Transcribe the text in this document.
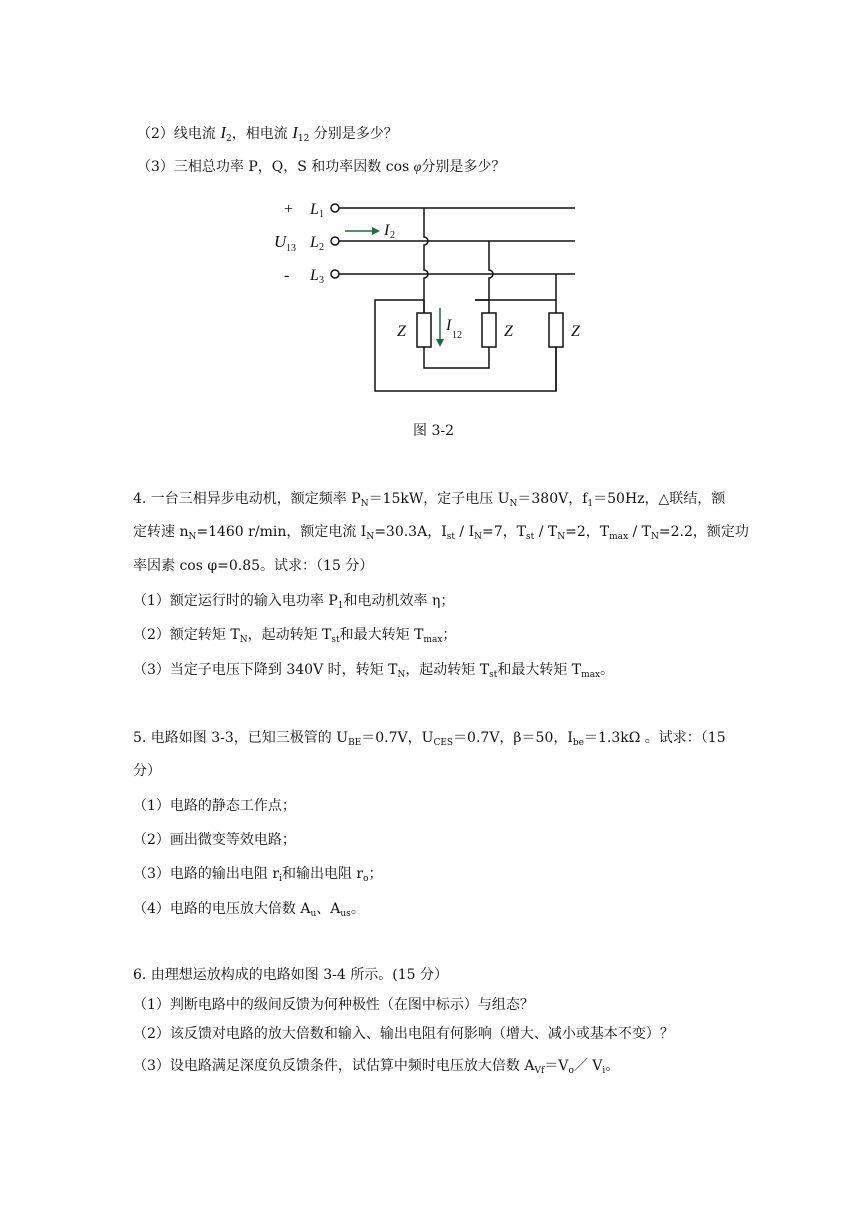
（2）线电流 $I_2$，相电流 $I_{12}$ 分别是多少？
（3）三相总功率 P，Q，S 和功率因数 cos φ分别是多少？
+
-
U 13
L 1
L 2
L 3
I 2
I
12
Z	Z	Z
图 3-2
4. 一台三相异步电动机，额定频率 $P_N=15kW$，定子电压 $U_N=380V$，$f_1=50Hz$，△联结，额
定转速 $n_N=1460$ r/min，额定电流 $I_N=30.3A$，$I_{st} / I_N=7$，$T_{st} / T_N=2$，$T_{max} / T_N=2.2$，额定功
率因素 cos φ=0.85。试求：（15 分）
（1）额定运行时的输入电功率 $P_1$和电动机效率 η；
（2）额定转矩 $T_N$，起动转矩 $T_{st}$和最大转矩 $T_{max}$；
（3）当定子电压下降到 340V 时，转矩 $T_N$，起动转矩 $T_{st}$和最大转矩 $T_{max}$。
5. 电路如图 3-3，已知三极管的 $U_{BE}=0.7V$，$U_{CES}=0.7V$，β＝50，$I_{be}=1.3k\Omega$ 。试求：（15
分）
（1）电路的静态工作点；
（2）画出微变等效电路；
（3）电路的输出电阻 $r_i$和输出电阻 $r_o$；
（4）电路的电压放大倍数 $A_u$、$A_{us}$。
6. 由理想运放构成的电路如图 3-4 所示。(15 分）
（1）判断电路中的级间反馈为何种极性（在图中标示）与组态？
（2）该反馈对电路的放大倍数和输入、输出电阻有何影响（增大、减小或基本不变）？
（3）设电路满足深度负反馈条件，试估算中频时电压放大倍数 $A_{Vf}=V_o/$ $V_i$。
